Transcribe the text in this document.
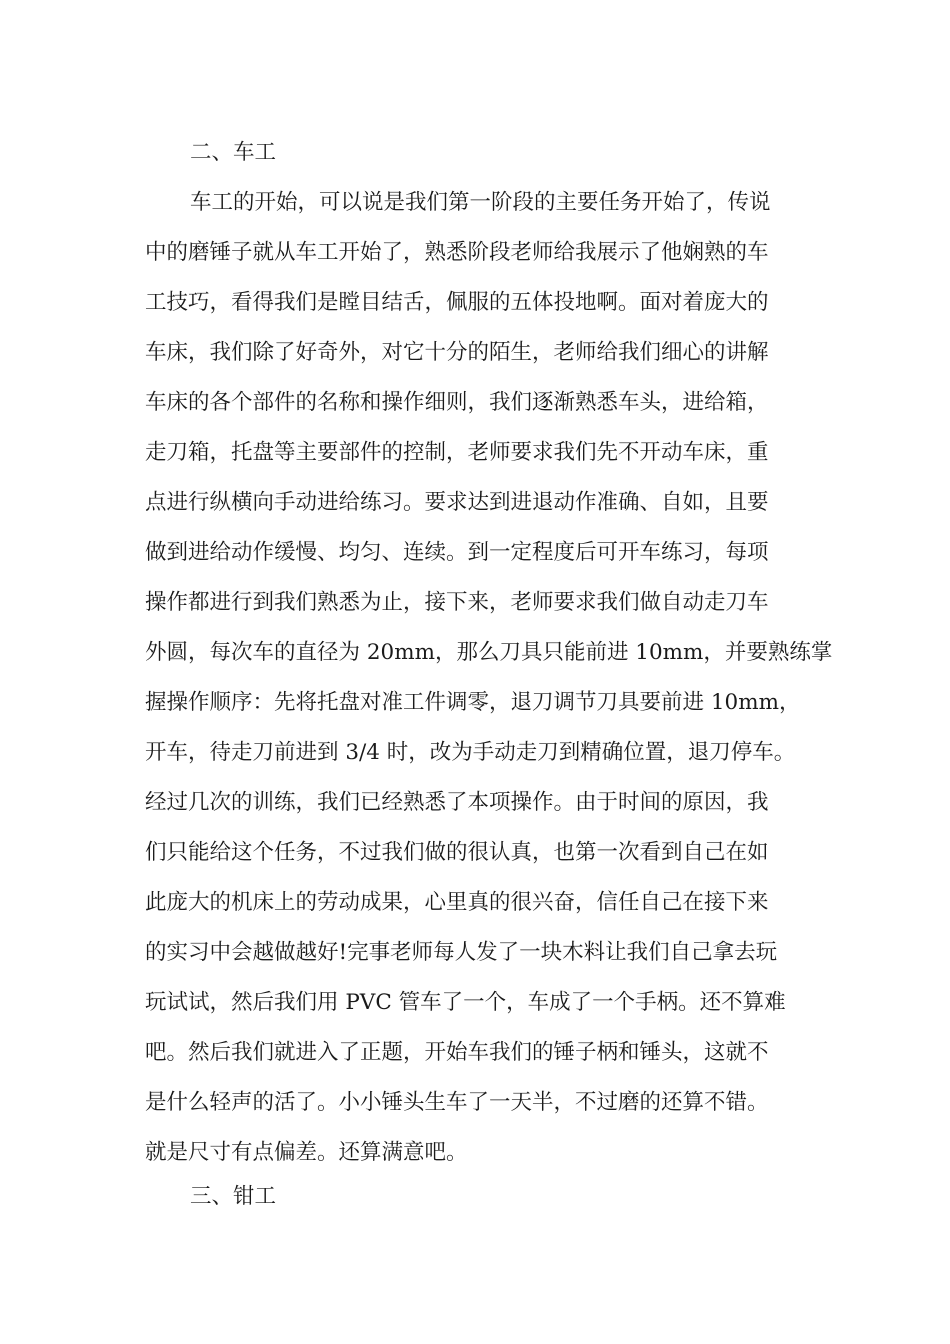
二、车工
车工的开始，可以说是我们第一阶段的主要任务开始了，传说
中的磨锤子就从车工开始了，熟悉阶段老师给我展示了他娴熟的车
工技巧，看得我们是瞠目结舌，佩服的五体投地啊。面对着庞大的
车床，我们除了好奇外，对它十分的陌生，老师给我们细心的讲解
车床的各个部件的名称和操作细则，我们逐渐熟悉车头，进给箱，
走刀箱，托盘等主要部件的控制，老师要求我们先不开动车床，重
点进行纵横向手动进给练习。要求达到进退动作准确、自如，且要
做到进给动作缓慢、均匀、连续。到一定程度后可开车练习，每项
操作都进行到我们熟悉为止，接下来，老师要求我们做自动走刀车
外圆，每次车的直径为 20mm，那么刀具只能前进 10mm，并要熟练掌
握操作顺序：先将托盘对准工件调零，退刀调节刀具要前进 10mm，
开车，待走刀前进到 3/4 时，改为手动走刀到精确位置，退刀停车。
经过几次的训练，我们已经熟悉了本项操作。由于时间的原因，我
们只能给这个任务，不过我们做的很认真，也第一次看到自己在如
此庞大的机床上的劳动成果，心里真的很兴奋，信任自己在接下来
的实习中会越做越好!完事老师每人发了一块木料让我们自己拿去玩
玩试试，然后我们用 PVC 管车了一个，车成了一个手柄。还不算难
吧。然后我们就进入了正题，开始车我们的锤子柄和锤头，这就不
是什么轻声的活了。小小锤头生车了一天半，不过磨的还算不错。
就是尺寸有点偏差。还算满意吧。
三、钳工
